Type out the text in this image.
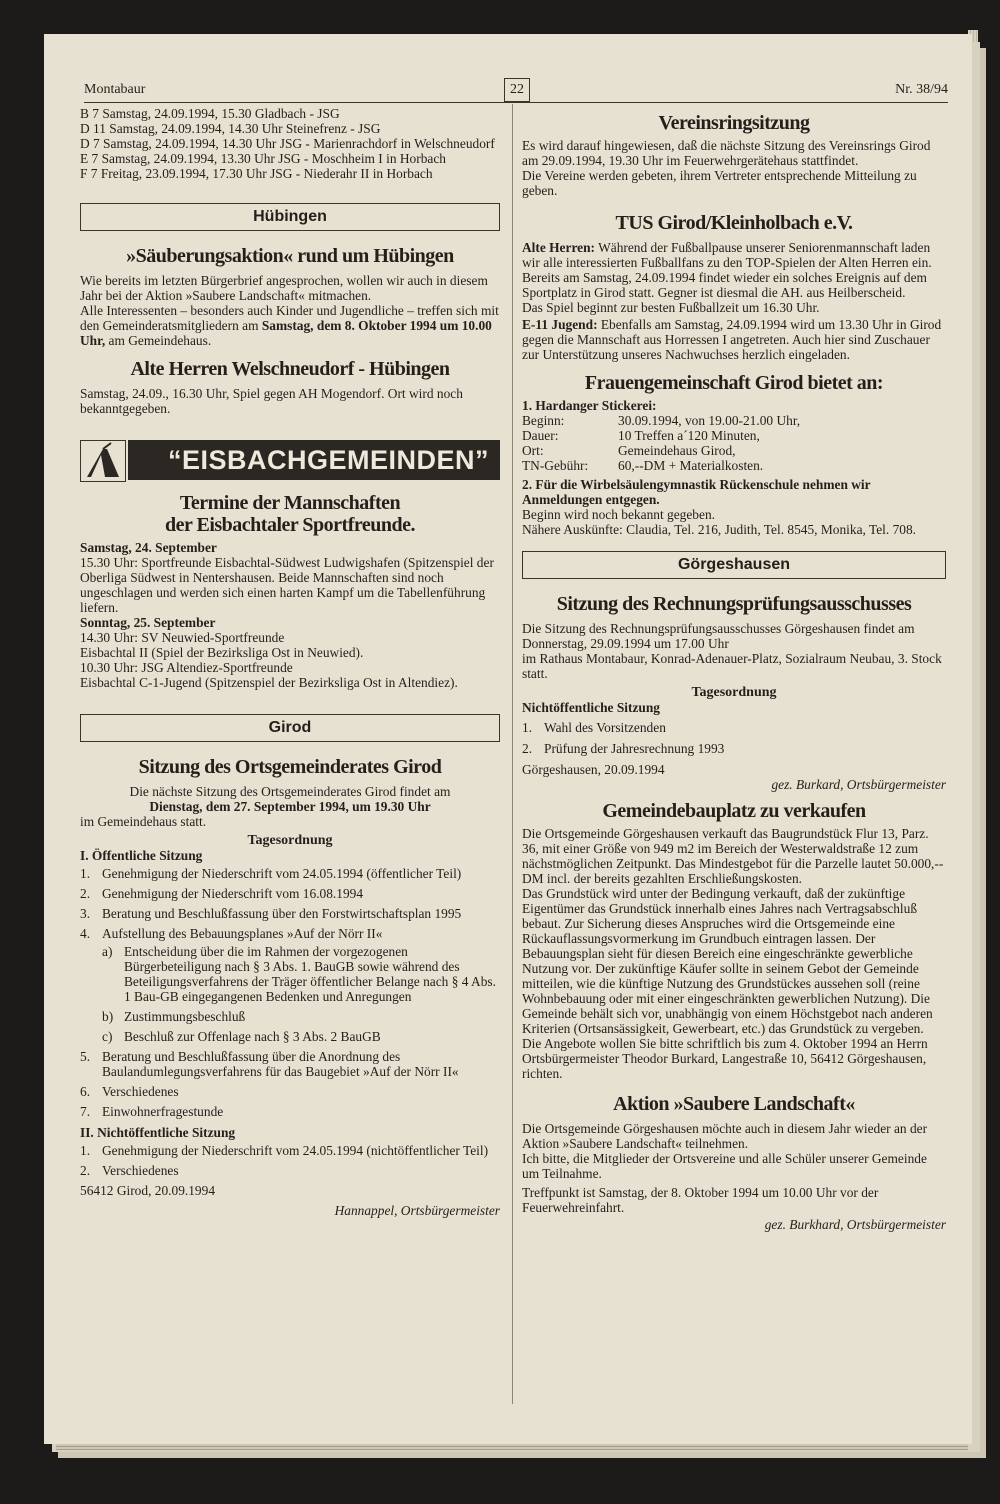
Montabaur	22	Nr. 38/94

B 7 Samstag, 24.09.1994, 15.30 Gladbach - JSG

D 11 Samstag, 24.09.1994, 14.30 Uhr Steinefrenz - JSG

D 7 Samstag, 24.09.1994, 14.30 Uhr JSG - Marienrachdorf in Welschneudorf

E 7 Samstag, 24.09.1994, 13.30 Uhr JSG - Moschheim I in Horbach

F 7 Freitag, 23.09.1994, 17.30 Uhr JSG - Niederahr II in Horbach

Hübingen

»Säuberungsaktion« rund um Hübingen

Wie bereits im letzten Bürgerbrief angesprochen, wollen wir auch in diesem Jahr bei der Aktion »Saubere Landschaft« mitmachen.

Alle Interessenten – besonders auch Kinder und Jugendliche – treffen sich mit den Gemeinderatsmitgliedern am Samstag, dem 8. Oktober 1994 um 10.00 Uhr, am Gemeindehaus.

Alte Herren Welschneudorf - Hübingen

Samstag, 24.09., 16.30 Uhr, Spiel gegen AH Mogendorf. Ort wird noch bekanntgegeben.

“EISBACHGEMEINDEN”

Termine der Mannschaften

der Eisbachtaler Sportfreunde.

Samstag, 24. September

15.30 Uhr: Sportfreunde Eisbachtal-Südwest Ludwigshafen (Spitzenspiel der Oberliga Südwest in Nentershausen. Beide Mannschaften sind noch ungeschlagen und werden sich einen harten Kampf um die Tabellenführung liefern.

Sonntag, 25. September

14.30 Uhr: SV Neuwied-Sportfreunde

Eisbachtal II (Spiel der Bezirksliga Ost in Neuwied).

10.30 Uhr: JSG Altendiez-Sportfreunde

Eisbachtal C-1-Jugend (Spitzenspiel der Bezirksliga Ost in Altendiez).

Girod

Sitzung des Ortsgemeinderates Girod

Die nächste Sitzung des Ortsgemeinderates Girod findet am

Dienstag, dem 27. September 1994, um 19.30 Uhr

im Gemeindehaus statt.

Tagesordnung

I. Öffentliche Sitzung

1. Genehmigung der Niederschrift vom 24.05.1994 (öffentlicher Teil)
2. Genehmigung der Niederschrift vom 16.08.1994
3. Beratung und Beschlußfassung über den Forstwirtschaftsplan 1995
4. Aufstellung des Bebauungsplanes »Auf der Nörr II«
a) Entscheidung über die im Rahmen der vorgezogenen Bürgerbeteiligung nach § 3 Abs. 1. BauGB sowie während des Beteiligungsverfahrens der Träger öffentlicher Belange nach § 4 Abs. 1 Bau-GB eingegangenen Bedenken und Anregungen
b) Zustimmungsbeschluß
c) Beschluß zur Offenlage nach § 3 Abs. 2 BauGB
5. Beratung und Beschlußfassung über die Anordnung des Baulandumlegungsverfahrens für das Baugebiet »Auf der Nörr II«
6. Verschiedenes
7. Einwohnerfragestunde

II. Nichtöffentliche Sitzung

1. Genehmigung der Niederschrift vom 24.05.1994 (nichtöffentlicher Teil)
2. Verschiedenes

56412 Girod, 20.09.1994

Hannappel, Ortsbürgermeister

Vereinsringsitzung

Es wird darauf hingewiesen, daß die nächste Sitzung des Vereinsrings Girod am 29.09.1994, 19.30 Uhr im Feuerwehrgerätehaus stattfindet.

Die Vereine werden gebeten, ihrem Vertreter entsprechende Mitteilung zu geben.

TUS Girod/Kleinholbach e.V.

Alte Herren: Während der Fußballpause unserer Seniorenmannschaft laden wir alle interessierten Fußballfans zu den TOP-Spielen der Alten Herren ein. Bereits am Samstag, 24.09.1994 findet wieder ein solches Ereignis auf dem Sportplatz in Girod statt. Gegner ist diesmal die AH. aus Heilberscheid.

Das Spiel beginnt zur besten Fußballzeit um 16.30 Uhr.

E-11 Jugend: Ebenfalls am Samstag, 24.09.1994 wird um 13.30 Uhr in Girod gegen die Mannschaft aus Horressen I angetreten. Auch hier sind Zuschauer zur Unterstützung unseres Nachwuchses herzlich eingeladen.

Frauengemeinschaft Girod bietet an:

1. Hardanger Stickerei:

Beginn:	30.09.1994, von 19.00-21.00 Uhr,
Dauer:	10 Treffen a´120 Minuten,
Ort:	Gemeindehaus Girod,
TN-Gebühr: 60,--DM + Materialkosten.

2. Für die Wirbelsäulengymnastik Rückenschule nehmen wir Anmeldungen entgegen.

Beginn wird noch bekannt gegeben.

Nähere Auskünfte: Claudia, Tel. 216, Judith, Tel. 8545, Monika, Tel. 708.

Görgeshausen

Sitzung des Rechnungsprüfungsausschusses

Die Sitzung des Rechnungsprüfungsausschusses Görgeshausen findet am

Donnerstag, 29.09.1994 um 17.00 Uhr

im Rathaus Montabaur, Konrad-Adenauer-Platz, Sozialraum Neubau, 3. Stock statt.

Tagesordnung

Nichtöffentliche Sitzung

1. Wahl des Vorsitzenden
2. Prüfung der Jahresrechnung 1993

Görgeshausen, 20.09.1994

gez. Burkard, Ortsbürgermeister

Gemeindebauplatz zu verkaufen

Die Ortsgemeinde Görgeshausen verkauft das Baugrundstück Flur 13, Parz. 36, mit einer Größe von 949 m2 im Bereich der Westerwaldstraße 12 zum nächstmöglichen Zeitpunkt. Das Mindestgebot für die Parzelle lautet 50.000,--DM incl. der bereits gezahlten Erschließungskosten.

Das Grundstück wird unter der Bedingung verkauft, daß der zukünftige Eigentümer das Grundstück innerhalb eines Jahres nach Vertragsabschluß bebaut. Zur Sicherung dieses Anspruches wird die Ortsgemeinde eine Rückauflassungsvormerkung im Grundbuch eintragen lassen. Der Bebauungsplan sieht für diesen Bereich eine eingeschränkte gewerbliche Nutzung vor. Der zukünftige Käufer sollte in seinem Gebot der Gemeinde mitteilen, wie die künftige Nutzung des Grundstückes aussehen soll (reine Wohnbebauung oder mit einer eingeschränkten gewerblichen Nutzung). Die Gemeinde behält sich vor, unabhängig von einem Höchstgebot nach anderen Kriterien (Ortsansässigkeit, Gewerbeart, etc.) das Grundstück zu vergeben. Die Angebote wollen Sie bitte schriftlich bis zum 4. Oktober 1994 an Herrn Ortsbürgermeister Theodor Burkard, Langestraße 10, 56412 Görgeshausen, richten.

Aktion »Saubere Landschaft«

Die Ortsgemeinde Görgeshausen möchte auch in diesem Jahr wieder an der Aktion »Saubere Landschaft« teilnehmen.

Ich bitte, die Mitglieder der Ortsvereine und alle Schüler unserer Gemeinde um Teilnahme.

Treffpunkt ist Samstag, der 8. Oktober 1994 um 10.00 Uhr vor der Feuerwehreinfahrt.

gez. Burkhard, Ortsbürgermeister
